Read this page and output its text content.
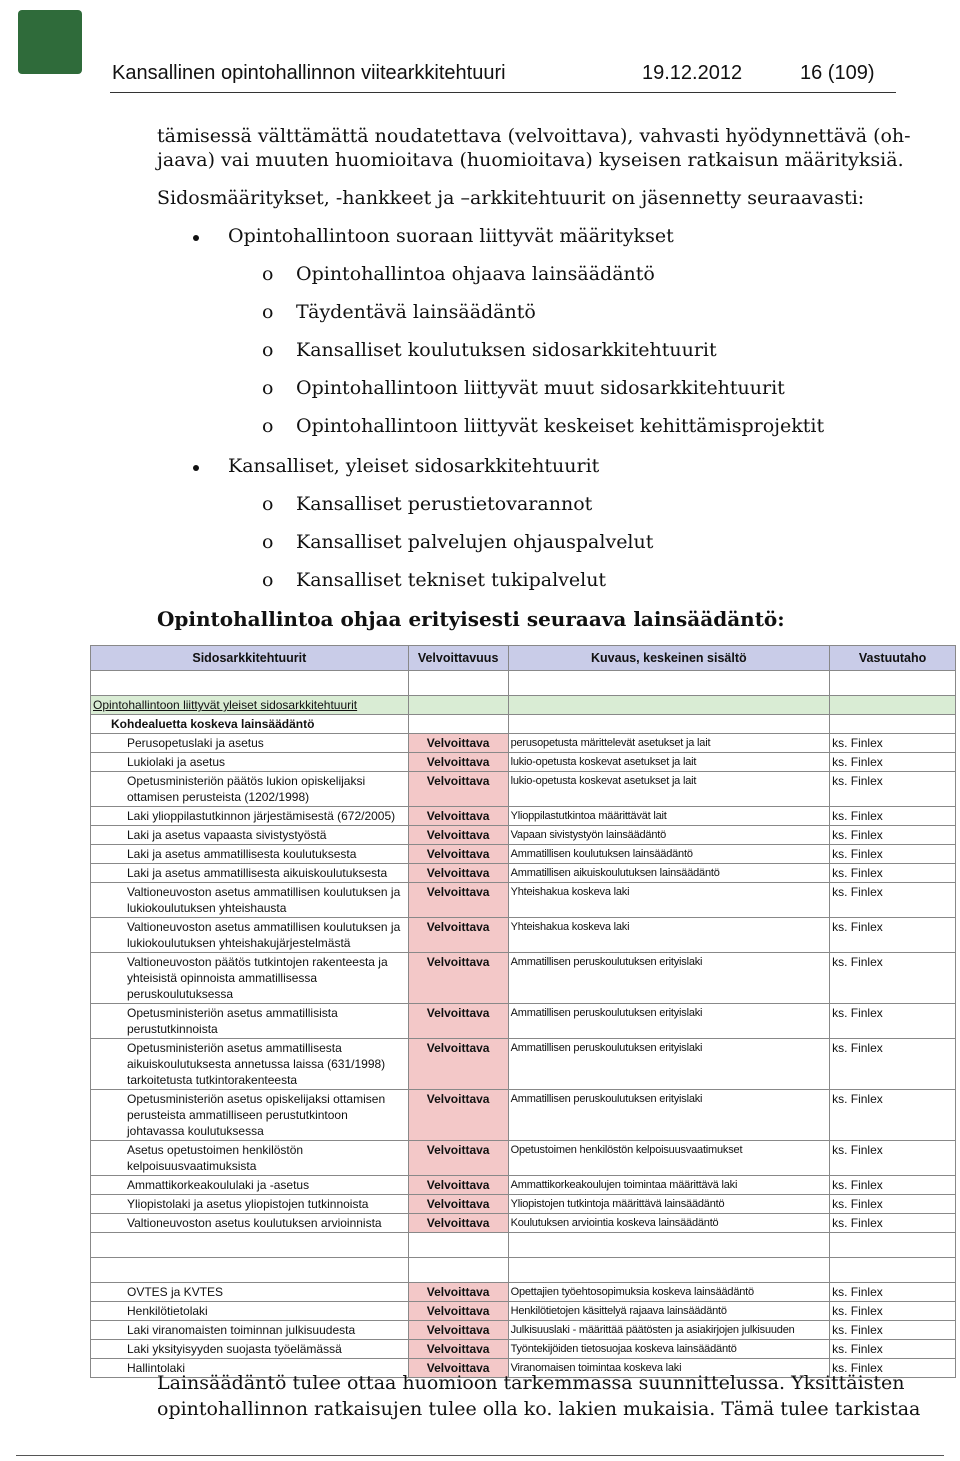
Kansallinen opintohallinnon viitearkkitehtuuri	19.12.2012	16 (109)
tämisessä välttämättä noudatettava (velvoittava), vahvasti hyödynnettävä (oh-
jaava) vai muuten huomioitava (huomioitava) kyseisen ratkaisun määrityksiä.
Sidosmääritykset, -hankkeet ja –arkkitehtuurit on jäsennetty seuraavasti:
Opintohallintoon suoraan liittyvät määritykset
o Opintohallintoa ohjaava lainsäädäntö
o Täydentävä lainsäädäntö
o Kansalliset koulutuksen sidosarkkitehtuurit
o Opintohallintoon liittyvät muut sidosarkkitehtuurit
o Opintohallintoon liittyvät keskeiset kehittämisprojektit
Kansalliset, yleiset sidosarkkitehtuurit
o Kansalliset perustietovarannot
o Kansalliset palvelujen ohjauspalvelut
o Kansalliset tekniset tukipalvelut
Opintohallintoa ohjaa erityisesti seuraava lainsäädäntö:
Sidosarkkitehtuurit	Velvoittavuus	Kuvaus, keskeinen sisältö	Vastuutaho

Opintohallintoon liittyvät yleiset sidosarkkitehtuurit			
Kohdealuetta koskeva lainsäädäntö			
Perusopetuslaki ja asetus	Velvoittava	perusopetusta märittelevät asetukset ja lait	ks. Finlex
Lukiolaki ja asetus	Velvoittava	lukio-opetusta koskevat asetukset ja lait	ks. Finlex
Opetusministeriön päätös lukion opiskelijaksi ottamisen perusteista (1202/1998)	Velvoittava	lukio-opetusta koskevat asetukset ja lait	ks. Finlex
Laki ylioppilastutkinnon järjestämisestä (672/2005)	Velvoittava	Ylioppilastutkintoa määrittävät lait	ks. Finlex
Laki ja asetus vapaasta sivistystyöstä	Velvoittava	Vapaan sivistystyön lainsäädäntö	ks. Finlex
Laki ja asetus ammatillisesta koulutuksesta	Velvoittava	Ammatillisen koulutuksen lainsäädäntö	ks. Finlex
Laki ja asetus ammatillisesta aikuiskoulutuksesta	Velvoittava	Ammatillisen aikuiskoulutuksen lainsäädäntö	ks. Finlex
Valtioneuvoston asetus ammatillisen koulutuksen ja lukiokoulutuksen yhteishausta	Velvoittava	Yhteishakua koskeva laki	ks. Finlex
Valtioneuvoston asetus ammatillisen koulutuksen ja lukiokoulutuksen yhteishakujärjestelmästä	Velvoittava	Yhteishakua koskeva laki	ks. Finlex
Valtioneuvoston päätös tutkintojen rakenteesta ja yhteisistä opinnoista ammatillisessa peruskoulutuksessa	Velvoittava	Ammatillisen peruskoulutuksen erityislaki	ks. Finlex
Opetusministeriön asetus ammatillisista perustutkinnoista	Velvoittava	Ammatillisen peruskoulutuksen erityislaki	ks. Finlex
Opetusministeriön asetus ammatillisesta aikuiskoulutuksesta annetussa laissa (631/1998) tarkoitetusta tutkintorakenteesta	Velvoittava	Ammatillisen peruskoulutuksen erityislaki	ks. Finlex
Opetusministeriön asetus opiskelijaksi ottamisen perusteista ammatilliseen perustutkintoon johtavassa koulutuksessa	Velvoittava	Ammatillisen peruskoulutuksen erityislaki	ks. Finlex
Asetus opetustoimen henkilöstön kelpoisuusvaatimuksista	Velvoittava	Opetustoimen henkilöstön kelpoisuusvaatimukset	ks. Finlex
Ammattikorkeakoululaki ja -asetus	Velvoittava	Ammattikorkeakoulujen toimintaa määrittävä laki	ks. Finlex
Yliopistolaki ja asetus yliopistojen tutkinnoista	Velvoittava	Yliopistojen tutkintoja määrittävä lainsäädäntö	ks. Finlex
Valtioneuvoston asetus koulutuksen arvioinnista	Velvoittava	Koulutuksen arviointia koskeva lainsäädäntö	ks. Finlex

OVTES ja KVTES	Velvoittava	Opettajien työehtosopimuksia koskeva lainsäädäntö	ks. Finlex
Henkilötietolaki	Velvoittava	Henkilötietojen käsittelyä rajaava lainsäädäntö	ks. Finlex
Laki viranomaisten toiminnan julkisuudesta	Velvoittava	Julkisuuslaki - määrittää päätösten ja asiakirjojen julkisuuden	ks. Finlex
Laki yksityisyyden suojasta työelämässä	Velvoittava	Työntekijöiden tietosuojaa koskeva lainsäädäntö	ks. Finlex
Hallintolaki	Velvoittava	Viranomaisen toimintaa koskeva laki	ks. Finlex
Lainsäädäntö tulee ottaa huomioon tarkemmassa suunnittelussa. Yksittäisten
opintohallinnon ratkaisujen tulee olla ko. lakien mukaisia. Tämä tulee tarkistaa
